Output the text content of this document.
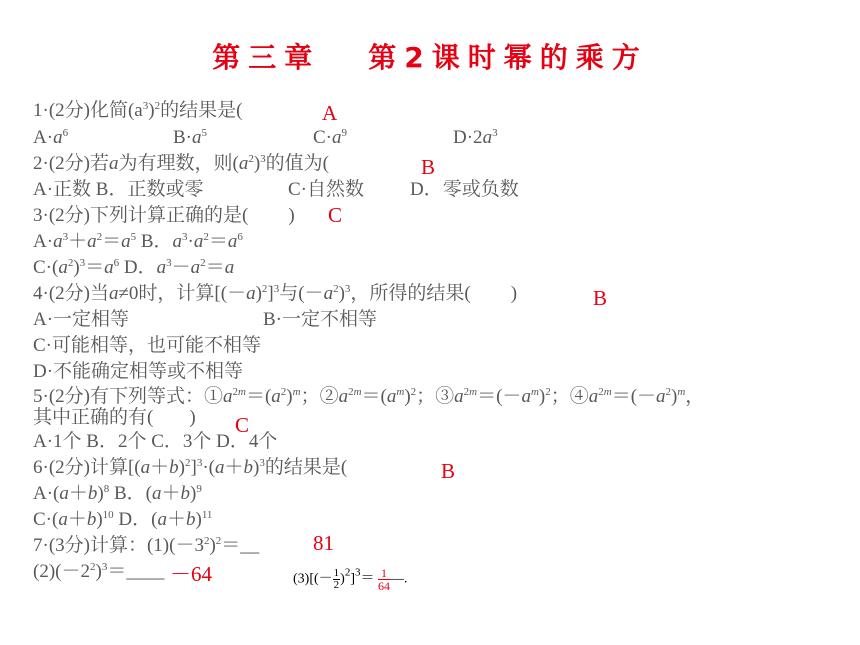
第三章 第2课时幂的乘方
1·(2分)化简$(a^3)^2$的结果是(	A
$A\cdot a^6$	$B\cdot a^5$	$C\cdot a^9$	$D\cdot 2a^3$
2·(2分)若a为有理数，则$(a^2)^3$的值为(	B
A·正数 B．正数或零	C·自然数 D．零或负数
3·(2分)下列计算正确的是( ) C
$A\cdot a^3+a^2=a^5$ B．$a^3\cdot a^2=a^6$
$C\cdot(a^2)^3=a^6$ D．$a^3-a^2=a$
4·(2分)当a≠0时，计算$[(-a)^2]^3$与$(-a^2)^3$，所得的结果( )	B
A·一定相等	B·一定不相等
C·可能相等，也可能不相等
D·不能确定相等或不相等
5·(2分)有下列等式：$①a^{2m}=(a^2)^m$；$②a^{2m}=(a^m)^2$；$③a^{2m}=(-a^m)^2$；$④a^{2m}=(-a^2)^m$，
其中正确的有( ) C
A·1个 B．2个 C．3个 D．4个
6·(2分)计算$[(a+b)^2]^3\cdot(a+b)^3$的结果是(	B
$A\cdot(a+b)^8$ B．$(a+b)^9$
$C\cdot(a+b)^{10}$ D．$(a+b)^{11}$
7·(3分)计算：$(1)(-3^2)^2=\_\_$	81
$(2)(-2^2)^3=\_\_\_\_ -64$	$(3)[(- \frac{1}{2} )^2]^3= \frac{1}{64}$ —.
